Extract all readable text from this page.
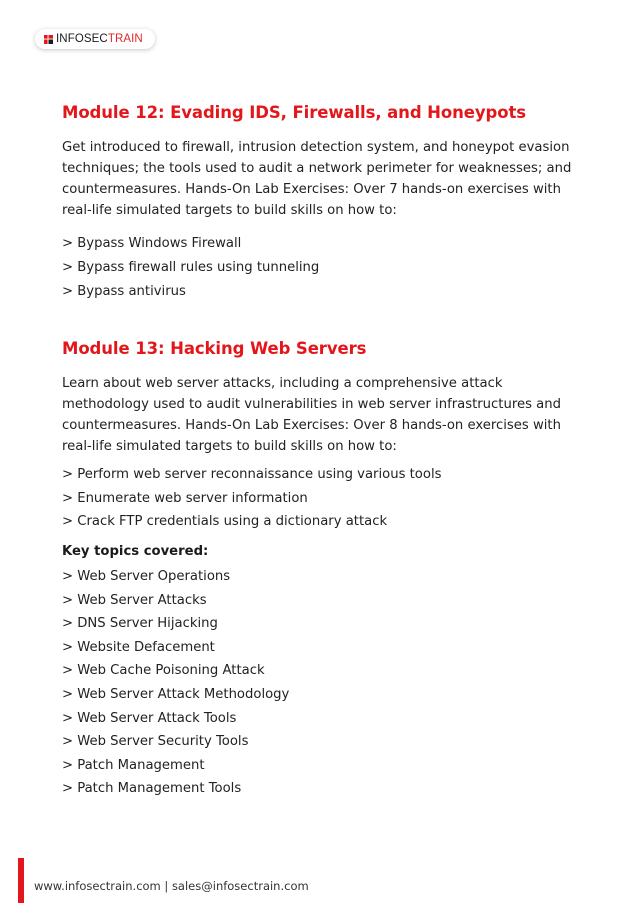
INFOSECTRAIN
Module 12: Evading IDS, Firewalls, and Honeypots

Get introduced to firewall, intrusion detection system, and honeypot evasion
techniques; the tools used to audit a network perimeter for weaknesses; and
countermeasures. Hands-On Lab Exercises: Over 7 hands-on exercises with
real-life simulated targets to build skills on how to:

> Bypass Windows Firewall
> Bypass firewall rules using tunneling
> Bypass antivirus
Module 13: Hacking Web Servers

Learn about web server attacks, including a comprehensive attack
methodology used to audit vulnerabilities in web server infrastructures and
countermeasures. Hands-On Lab Exercises: Over 8 hands-on exercises with
real-life simulated targets to build skills on how to:

> Perform web server reconnaissance using various tools
> Enumerate web server information
> Crack FTP credentials using a dictionary attack
Key topics covered:
> Web Server Operations
> Web Server Attacks
> DNS Server Hijacking
> Website Defacement
> Web Cache Poisoning Attack
> Web Server Attack Methodology
> Web Server Attack Tools
> Web Server Security Tools
> Patch Management
> Patch Management Tools
www.infosectrain.com | sales@infosectrain.com
